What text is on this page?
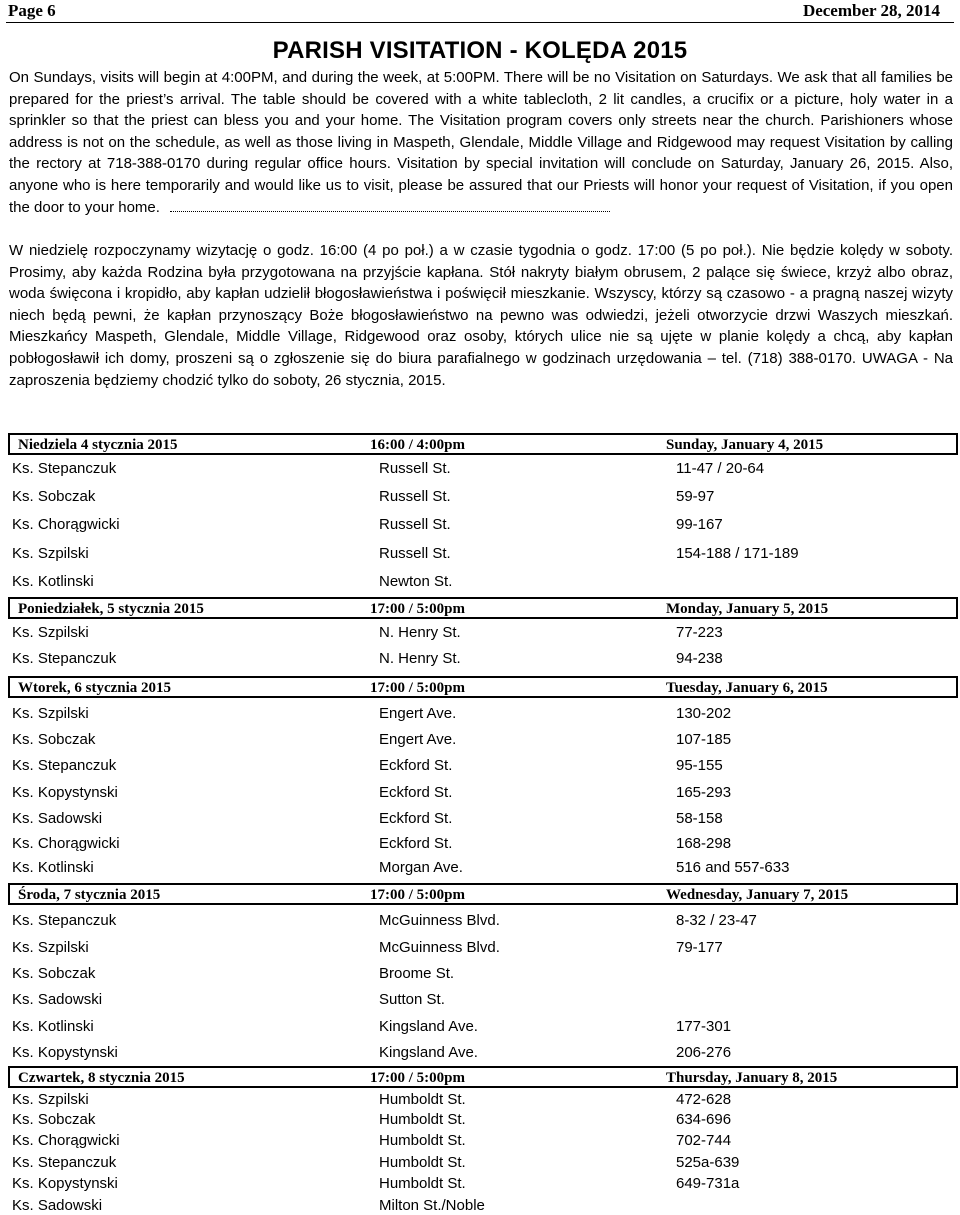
Page 6	December 28, 2014
PARISH VISITATION - KOLĘDA 2015
On Sundays, visits will begin at 4:00PM, and during the week, at 5:00PM. There will be no Visitation on Saturdays. We ask that all families be prepared for the priest’s arrival. The table should be covered with a white tablecloth, 2 lit candles, a crucifix or a picture, holy water in a sprinkler so that the priest can bless you and your home. The Visitation program covers only streets near the church. Parishioners whose address is not on the schedule, as well as those living in Maspeth, Glendale, Middle Village and Ridgewood may request Visitation by calling the rectory at 718-388-0170 during regular office hours. Visitation by special invitation will conclude on Saturday, January 26, 2015. Also, anyone who is here temporarily and would like us to visit, please be assured that our Priests will honor your request of Visitation, if you open the door to your home.
W niedzielę rozpoczynamy wizytację o godz. 16:00 (4 po poł.) a w czasie tygodnia o godz. 17:00 (5 po poł.). Nie będzie kolędy w soboty. Prosimy, aby każda Rodzina była przygotowana na przyjście kapłana. Stół nakryty białym obrusem, 2 palące się świece, krzyż albo obraz, woda święcona i kropidło, aby kapłan udzielił błogosławieństwa i poświęcił mieszkanie. Wszyscy, którzy są czasowo - a pragną naszej wizyty niech będą pewni, że kapłan przynoszący Boże błogosławieństwo na pewno was odwiedzi, jeżeli otworzycie drzwi Waszych mieszkań. Mieszkańcy Maspeth, Glendale, Middle Village, Ridgewood oraz osoby, których ulice nie są ujęte w planie kolędy a chcą, aby kapłan pobłogosławił ich domy, proszeni są o zgłoszenie się do biura parafialnego w godzinach urzędowania – tel. (718) 388-0170. UWAGA - Na zaproszenia będziemy chodzić tylko do soboty, 26 stycznia, 2015.
Niedziela 4 stycznia 2015	16:00 / 4:00pm	Sunday, January 4, 2015
Ks. Stepanczuk	Russell St.	11-47 / 20-64
Ks. Sobczak	Russell St.	59-97
Ks. Chorągwicki	Russell St.	99-167
Ks. Szpilski	Russell St.	154-188 / 171-189
Ks. Kotlinski	Newton St.
Poniedziałek, 5 stycznia 2015	17:00 / 5:00pm	Monday, January 5, 2015
Ks. Szpilski	N. Henry St.	77-223
Ks. Stepanczuk	N. Henry St.	94-238
Wtorek, 6 stycznia 2015	17:00 / 5:00pm	Tuesday, January 6, 2015
Ks. Szpilski	Engert Ave.	130-202
Ks. Sobczak	Engert Ave.	107-185
Ks. Stepanczuk	Eckford St.	95-155
Ks. Kopystynski	Eckford St.	165-293
Ks. Sadowski	Eckford St.	58-158
Ks. Chorągwicki	Eckford St.	168-298
Ks. Kotlinski	Morgan Ave.	516 and 557-633
Środa, 7 stycznia 2015	17:00 / 5:00pm	Wednesday, January 7, 2015
Ks. Stepanczuk	McGuinness Blvd.	8-32 / 23-47
Ks. Szpilski	McGuinness Blvd.	79-177
Ks. Sobczak	Broome St.
Ks. Sadowski	Sutton St.
Ks. Kotlinski	Kingsland Ave.	177-301
Ks. Kopystynski	Kingsland Ave.	206-276
Czwartek, 8 stycznia 2015	17:00 / 5:00pm	Thursday, January 8, 2015
Ks. Szpilski	Humboldt St.	472-628
Ks. Sobczak	Humboldt St.	634-696
Ks. Chorągwicki	Humboldt St.	702-744
Ks. Stepanczuk	Humboldt St.	525a-639
Ks. Kopystynski	Humboldt St.	649-731a
Ks. Sadowski	Milton St./Noble
